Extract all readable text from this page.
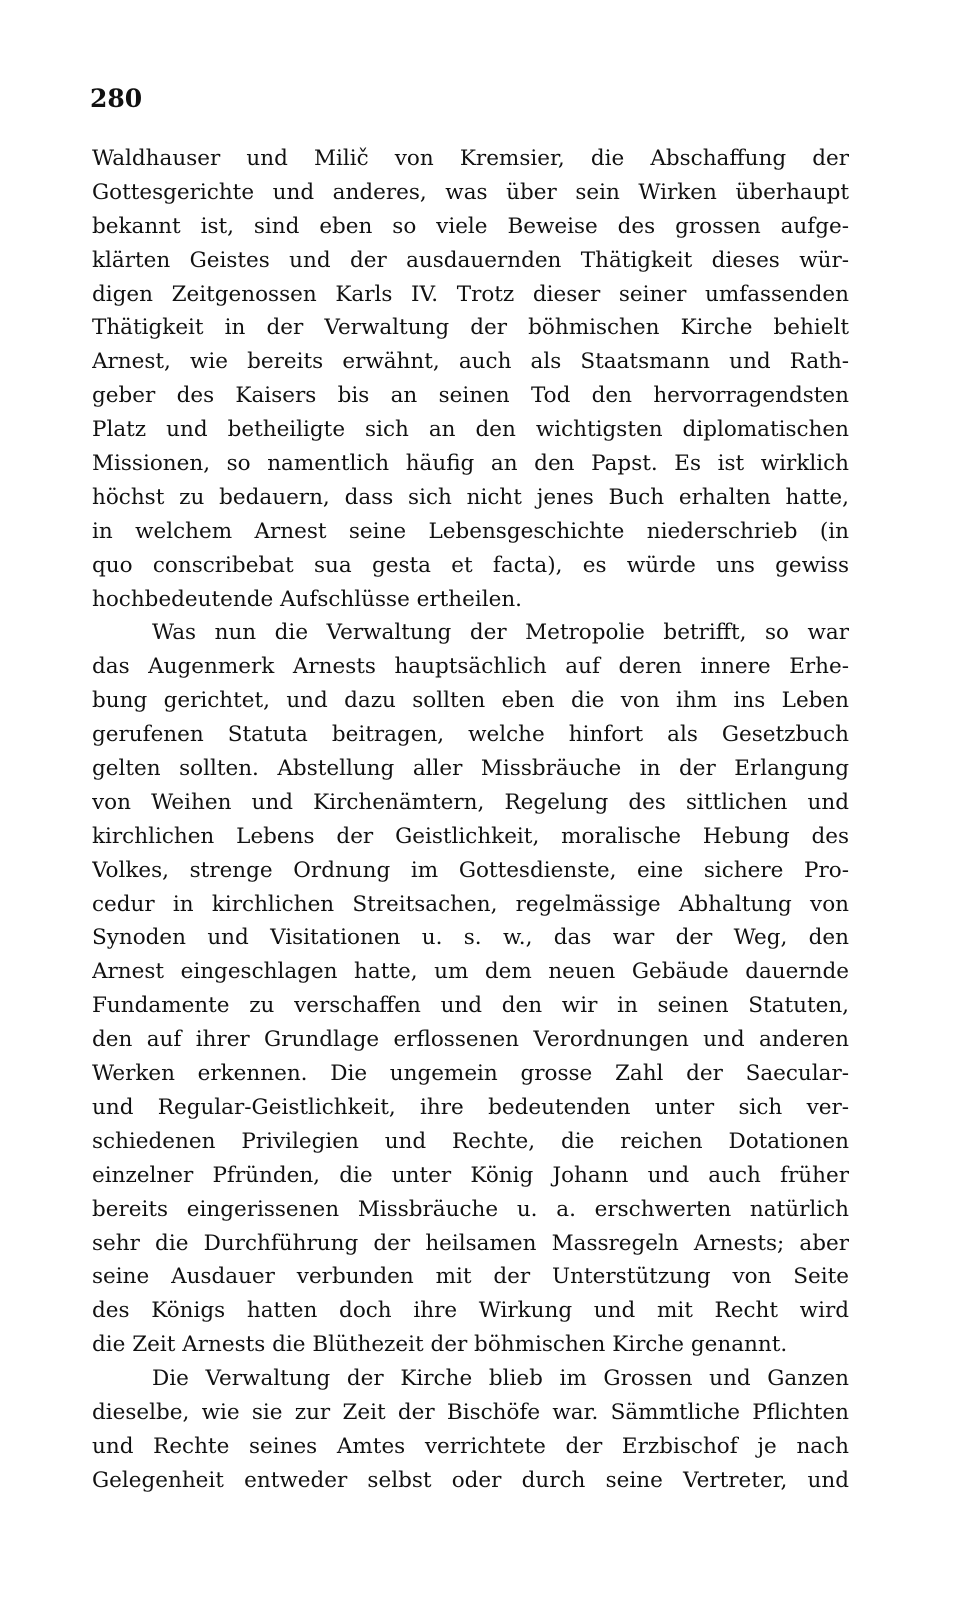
280
Waldhauser und Milič von Kremsier, die Abschaffung der
Gottesgerichte und anderes, was über sein Wirken überhaupt
bekannt ist, sind eben so viele Beweise des grossen aufge-
klärten Geistes und der ausdauernden Thätigkeit dieses wür-
digen Zeitgenossen Karls IV. Trotz dieser seiner umfassenden
Thätigkeit in der Verwaltung der böhmischen Kirche behielt
Arnest, wie bereits erwähnt, auch als Staatsmann und Rath-
geber des Kaisers bis an seinen Tod den hervorragendsten
Platz und betheiligte sich an den wichtigsten diplomatischen
Missionen, so namentlich häufig an den Papst. Es ist wirklich
höchst zu bedauern, dass sich nicht jenes Buch erhalten hatte,
in welchem Arnest seine Lebensgeschichte niederschrieb (in
quo conscribebat sua gesta et facta), es würde uns gewiss
hochbedeutende Aufschlüsse ertheilen.
Was nun die Verwaltung der Metropolie betrifft, so war
das Augenmerk Arnests hauptsächlich auf deren innere Erhe-
bung gerichtet, und dazu sollten eben die von ihm ins Leben
gerufenen Statuta beitragen, welche hinfort als Gesetzbuch
gelten sollten. Abstellung aller Missbräuche in der Erlangung
von Weihen und Kirchenämtern, Regelung des sittlichen und
kirchlichen Lebens der Geistlichkeit, moralische Hebung des
Volkes, strenge Ordnung im Gottesdienste, eine sichere Pro-
cedur in kirchlichen Streitsachen, regelmässige Abhaltung von
Synoden und Visitationen u. s. w., das war der Weg, den
Arnest eingeschlagen hatte, um dem neuen Gebäude dauernde
Fundamente zu verschaffen und den wir in seinen Statuten,
den auf ihrer Grundlage erflossenen Verordnungen und anderen
Werken erkennen. Die ungemein grosse Zahl der Saecular-
und Regular-Geistlichkeit, ihre bedeutenden unter sich ver-
schiedenen Privilegien und Rechte, die reichen Dotationen
einzelner Pfründen, die unter König Johann und auch früher
bereits eingerissenen Missbräuche u. a. erschwerten natürlich
sehr die Durchführung der heilsamen Massregeln Arnests; aber
seine Ausdauer verbunden mit der Unterstützung von Seite
des Königs hatten doch ihre Wirkung und mit Recht wird
die Zeit Arnests die Blüthezeit der böhmischen Kirche genannt.
Die Verwaltung der Kirche blieb im Grossen und Ganzen
dieselbe, wie sie zur Zeit der Bischöfe war. Sämmtliche Pflichten
und Rechte seines Amtes verrichtete der Erzbischof je nach
Gelegenheit entweder selbst oder durch seine Vertreter, und
